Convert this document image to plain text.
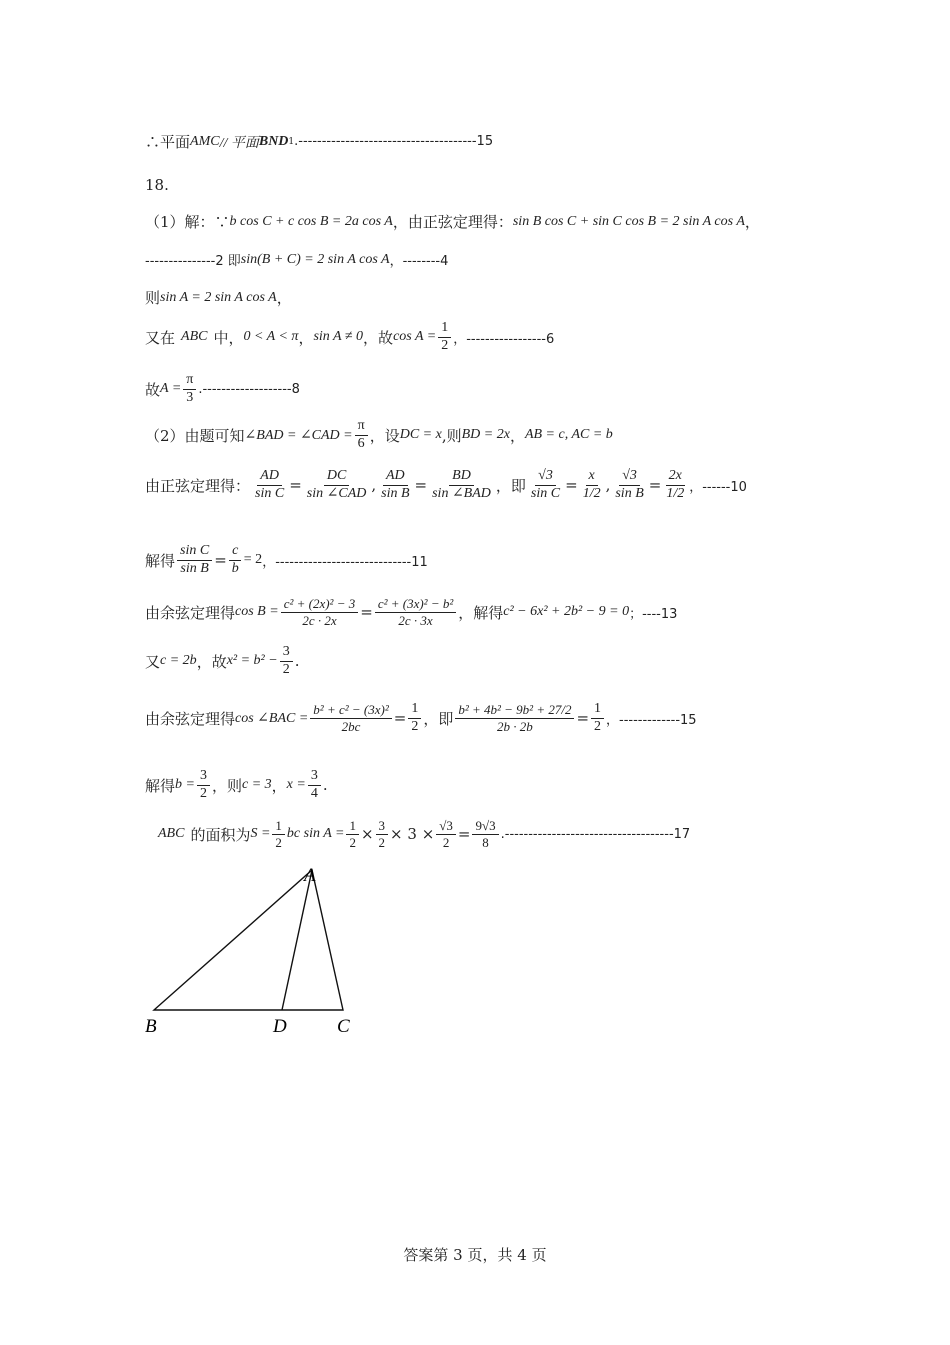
∴平面 AMC // 平面 BND 1 .--------------------------------------15
18.
（1）解：∵ b cos C + c cos B = 2a cos A ，由正弦定理得： sin B cos C + sin C cos B = 2 sin A cos A ，
---------------2 即 sin(B + C) = 2 sin A cos A ，--------4
则 sin A = 2 sin A cos A ，
又在 ABC 中， 0 < A < π ， sin A ≠ 0 ，故 $\cos A = \frac{1}{2}$ ，-----------------6
故 $A = \frac{\pi}{3} .-------------------8$
（2）由题可知 ∠BAD = ∠CAD = $\frac{\pi}{6}$ ，设 DC = x ,则 BD = 2x ， AB = c, AC = b
由正弦定理得： $\frac{AD}{\text{sin C}} = \frac{DC}{\text{sin ∠CAD}}$ , $\frac{AD}{\text{sin B}} = \frac{BD}{\text{sin ∠BAD}}$ ，即 $\frac{√3}{\text{sin C}} = \frac{x}{1/2}$ , $\frac{√3}{\text{sin B}} = \frac{2x}{1/2}$ ，------10
解得 $\frac{\text{sin C}}{\text{sin B}} = \frac{c}{b} = 2$ ，-----------------------------11
由余弦定理得 $\cos B = \frac{\text{c² + (2x)² − 3}}{2c \cdot 2x} = \frac{\text{c² + (3x)² − b²}}{2c \cdot 3x}$ ，解得 c² − 6x² + 2b² − 9 = 0 ；----13
又 c = 2b ，故 $x^2 = b^2 - \frac{3}{2}$ .
由余弦定理得 cos ∠BAC = $\frac{\text{b² + c² − (3x)²}}{2bc} = \frac{1}{2}$ ，即 $\frac{\text{b² + 4b² − 9b² + 27/2}}{2b \cdot 2b} = \frac{1}{2}$ ，-------------15
解得 $b = \frac{3}{2}$ ，则 c = 3 ， $x = \frac{3}{4}$ .
ABC 的面积为 $S = \frac{1}{2}$ bc $\sin A = \frac{1}{2} \times \frac{3}{2} \times 3 \times \frac{√3}{2} = \frac{9√3}{8} .------------------------------------17$
A
B	D	C
答案第 3 页，共 4 页
